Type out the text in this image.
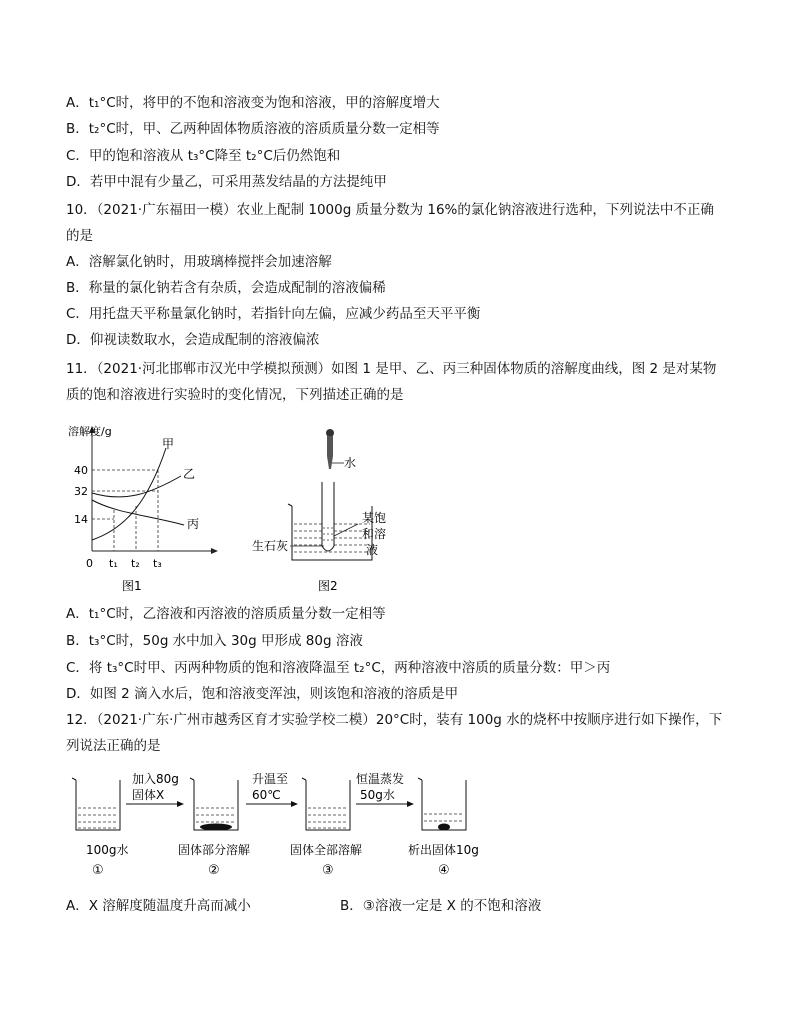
A．t₁°C时，将甲的不饱和溶液变为饱和溶液，甲的溶解度增大
B．t₂°C时，甲、乙两种固体物质溶液的溶质质量分数一定相等
C．甲的饱和溶液从 t₃°C降至 t₂°C后仍然饱和
D．若甲中混有少量乙，可采用蒸发结晶的方法提纯甲
10．（2021·广东福田一模）农业上配制 1000g 质量分数为 16%的氯化钠溶液进行选种，下列说法中不正确
的是
A．溶解氯化钠时，用玻璃棒搅拌会加速溶解
B．称量的氯化钠若含有杂质，会造成配制的溶液偏稀
C．用托盘天平称量氯化钠时，若指针向左偏，应减少药品至天平平衡
D．仰视读数取水，会造成配制的溶液偏浓
11．（2021·河北邯郸市汉光中学模拟预测）如图 1 是甲、乙、丙三种固体物质的溶解度曲线，图 2 是对某物
质的饱和溶液进行实验时的变化情况，下列描述正确的是
溶解度/g
40
32
14
0 t₁ t₂ t₃
甲
乙
丙
图1
水
生石灰
某饱
和溶
液
图2
A．t₁°C时，乙溶液和丙溶液的溶质质量分数一定相等
B．t₃°C时，50g 水中加入 30g 甲形成 80g 溶液
C．将 t₃°C时甲、丙两种物质的饱和溶液降温至 t₂°C，两种溶液中溶质的质量分数：甲＞丙
D．如图 2 滴入水后，饱和溶液变浑浊，则该饱和溶液的溶质是甲
12．（2021·广东·广州市越秀区育才实验学校二模）20°C时，装有 100g 水的烧杯中按顺序进行如下操作，下
列说法正确的是
加入80g
固体X
升温至
60℃
恒温蒸发
50g水
100g水
①
固体部分溶解
②
固体全部溶解
③
析出固体10g
④
A．X 溶解度随温度升高而减小	B．③溶液一定是 X 的不饱和溶液
